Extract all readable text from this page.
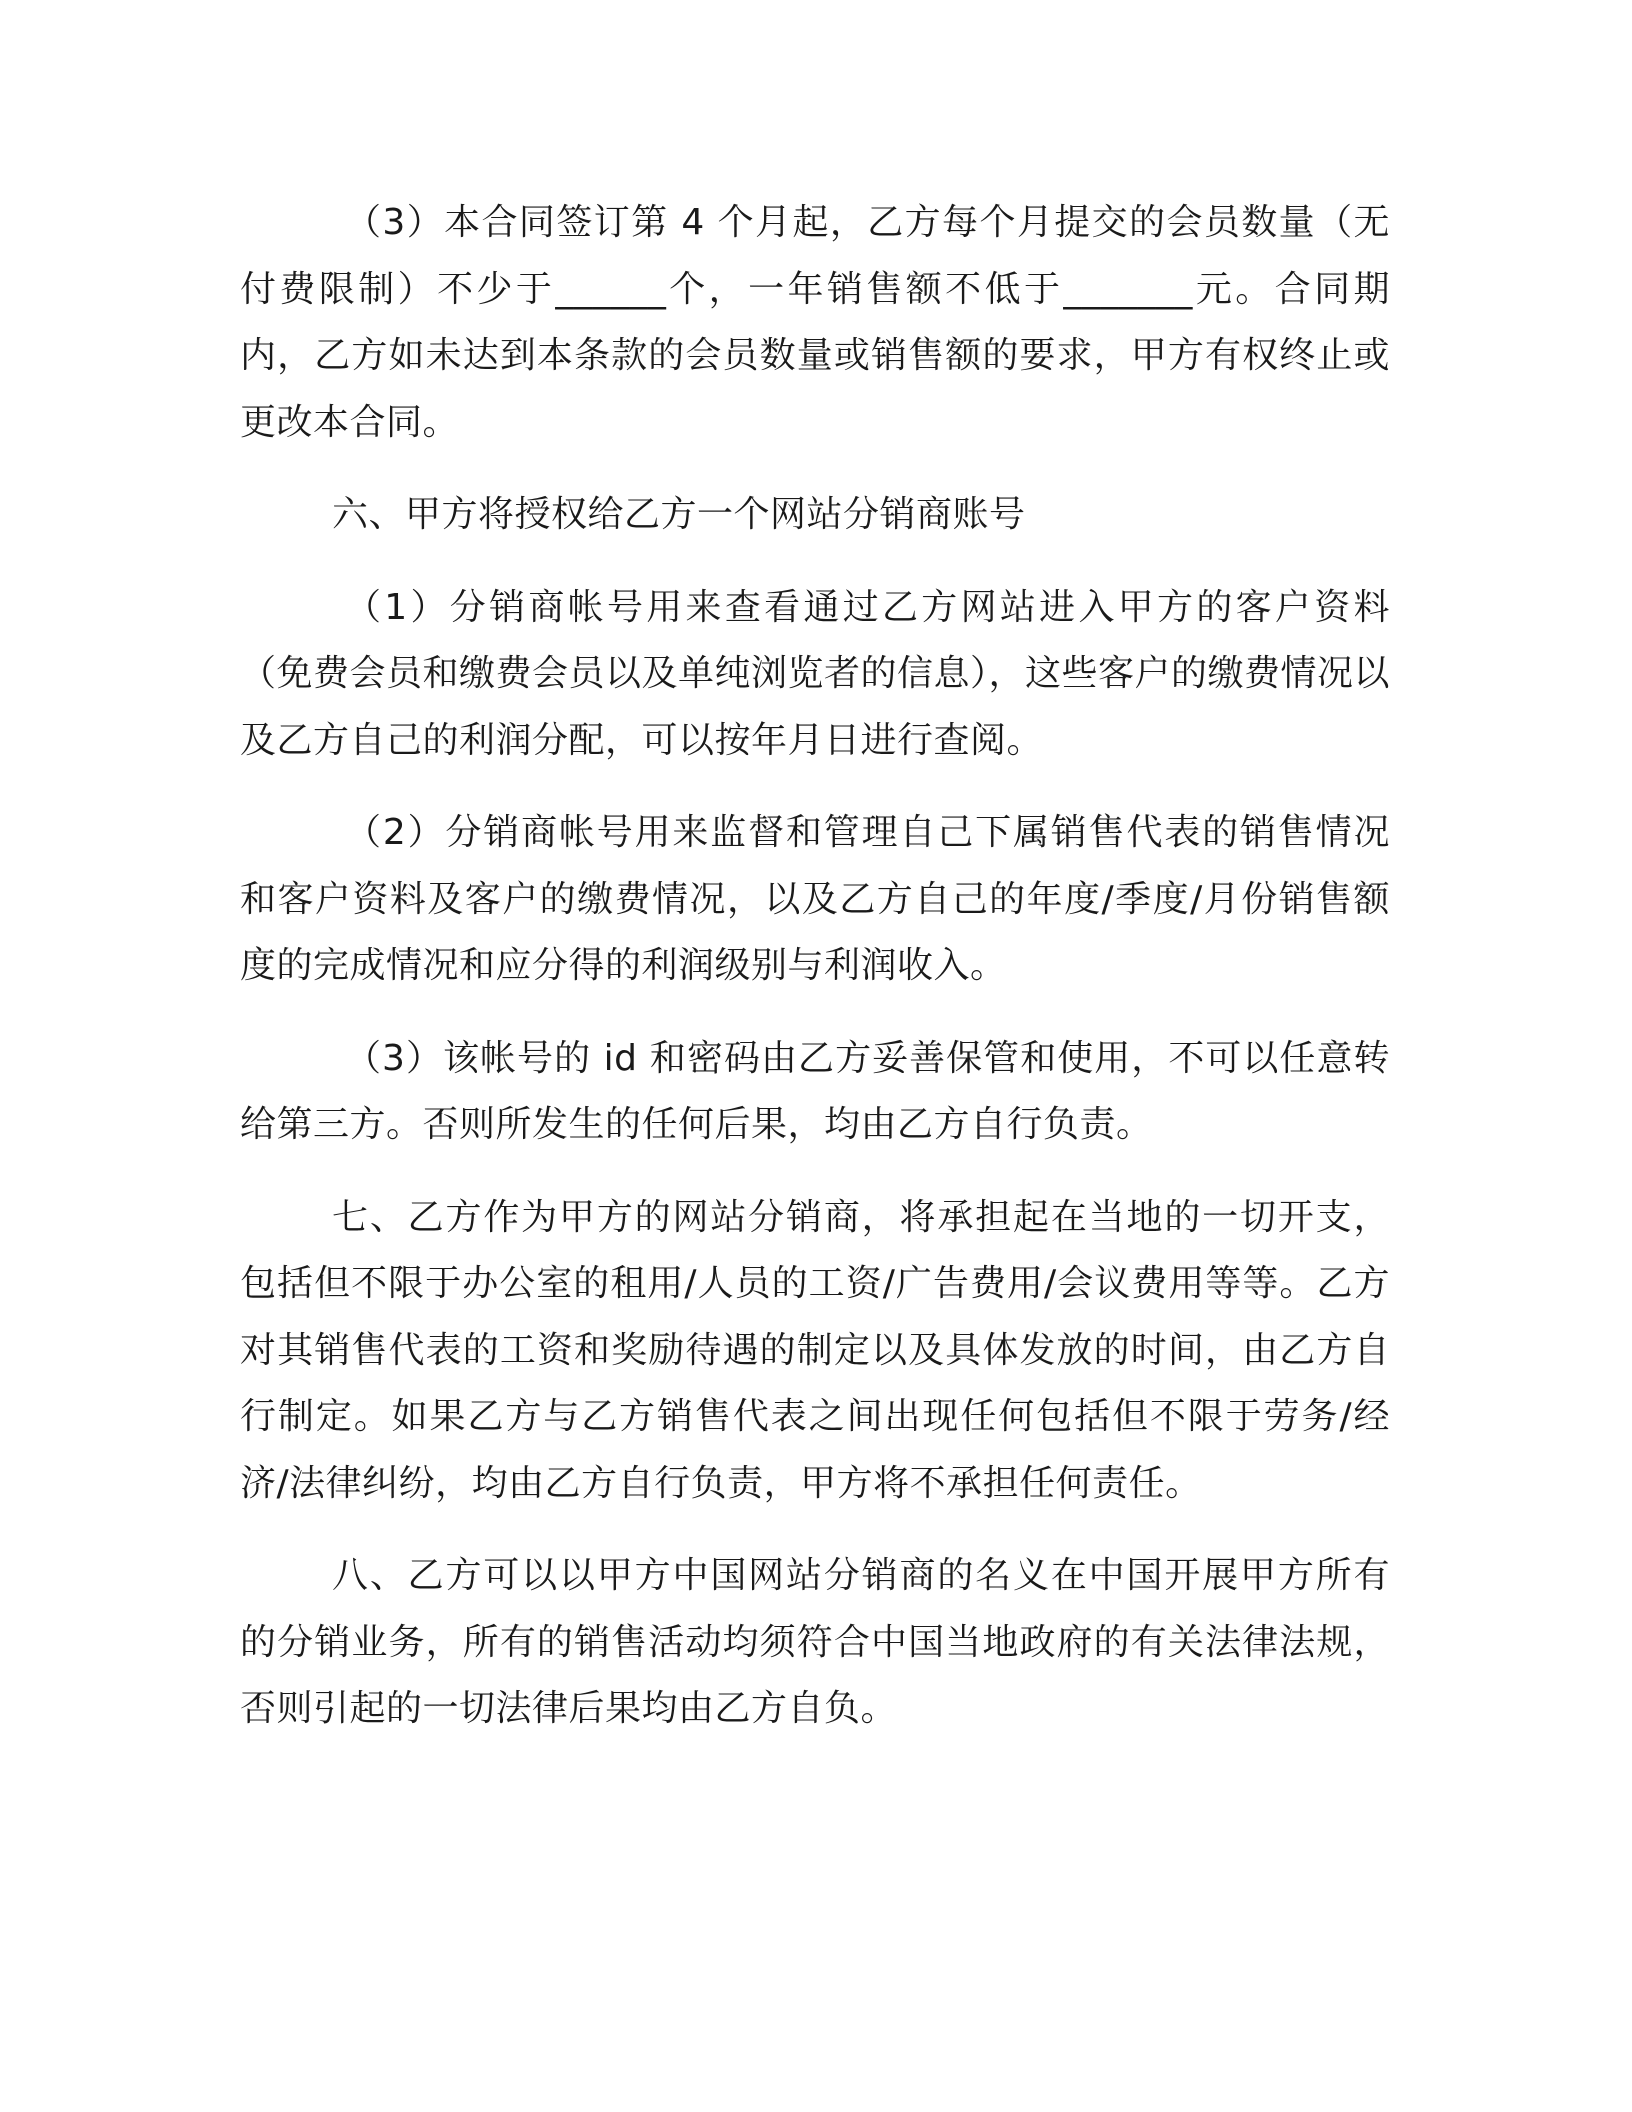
（3）本合同签订第 4 个月起，乙方每个月提交的会员数量（无付费限制）不少于______个，一年销售额不低于_______元。合同期内，乙方如未达到本条款的会员数量或销售额的要求，甲方有权终止或更改本合同。

六、甲方将授权给乙方一个网站分销商账号

（1）分销商帐号用来查看通过乙方网站进入甲方的客户资料（免费会员和缴费会员以及单纯浏览者的信息），这些客户的缴费情况以及乙方自己的利润分配，可以按年月日进行查阅。

（2）分销商帐号用来监督和管理自己下属销售代表的销售情况和客户资料及客户的缴费情况，以及乙方自己的年度/季度/月份销售额度的完成情况和应分得的利润级别与利润收入。

（3）该帐号的 id 和密码由乙方妥善保管和使用，不可以任意转给第三方。否则所发生的任何后果，均由乙方自行负责。

七、乙方作为甲方的网站分销商，将承担起在当地的一切开支，包括但不限于办公室的租用/人员的工资/广告费用/会议费用等等。乙方对其销售代表的工资和奖励待遇的制定以及具体发放的时间，由乙方自行制定。如果乙方与乙方销售代表之间出现任何包括但不限于劳务/经济/法律纠纷，均由乙方自行负责，甲方将不承担任何责任。

八、乙方可以以甲方中国网站分销商的名义在中国开展甲方所有的分销业务，所有的销售活动均须符合中国当地政府的有关法律法规，否则引起的一切法律后果均由乙方自负。
